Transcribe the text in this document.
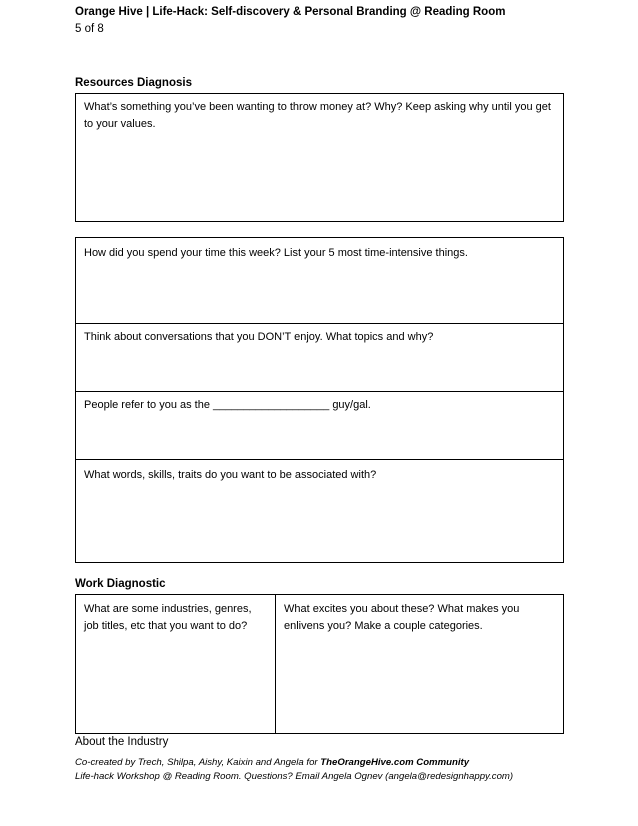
Orange Hive | Life-Hack: Self-discovery & Personal Branding @ Reading Room
5 of 8
Resources Diagnosis
What’s something you’ve been wanting to throw money at? Why? Keep asking why until you get to your values.
How did you spend your time this week? List your 5 most time-intensive things.
Think about conversations that you DON’T enjoy. What topics and why?
People refer to you as the ___________________ guy/gal.
What words, skills, traits do you want to be associated with?
Work Diagnostic
What are some industries, genres, job titles, etc that you want to do?
What excites you about these? What makes you enlivens you? Make a couple categories.
About the Industry
Co-created by Trech, Shilpa, Aishy, Kaixin and Angela for TheOrangeHive.com Community
Life-hack Workshop @ Reading Room. Questions? Email Angela Ognev (angela@redesignhappy.com)
